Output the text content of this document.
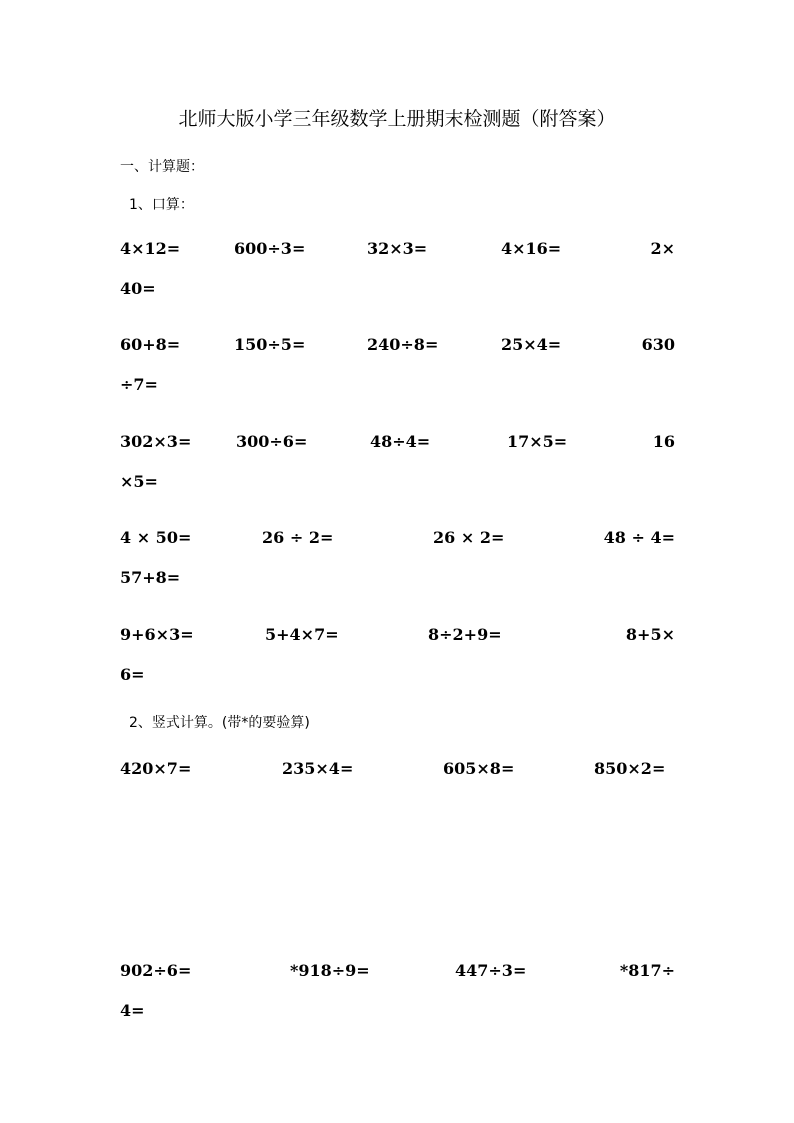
北师大版小学三年级数学上册期末检测题（附答案）
一、计算题：
1、口算：
4×12=	600÷3=	32×3=	4×16=	2×
40=
60+8=	150÷5=	240÷8=	25×4=	630
÷7=
302×3=	300÷6=	48÷4=	17×5=	16
×5=
4 × 50=	26 ÷ 2=	26 × 2=	48 ÷ 4=
57+8=
9+6×3=	5+4×7=	8÷2+9=	8+5×
6=
2、竖式计算。(带*的要验算)
420×7=	235×4=	605×8=	850×2=
902÷6=	*918÷9=	447÷3=	*817÷
4=
